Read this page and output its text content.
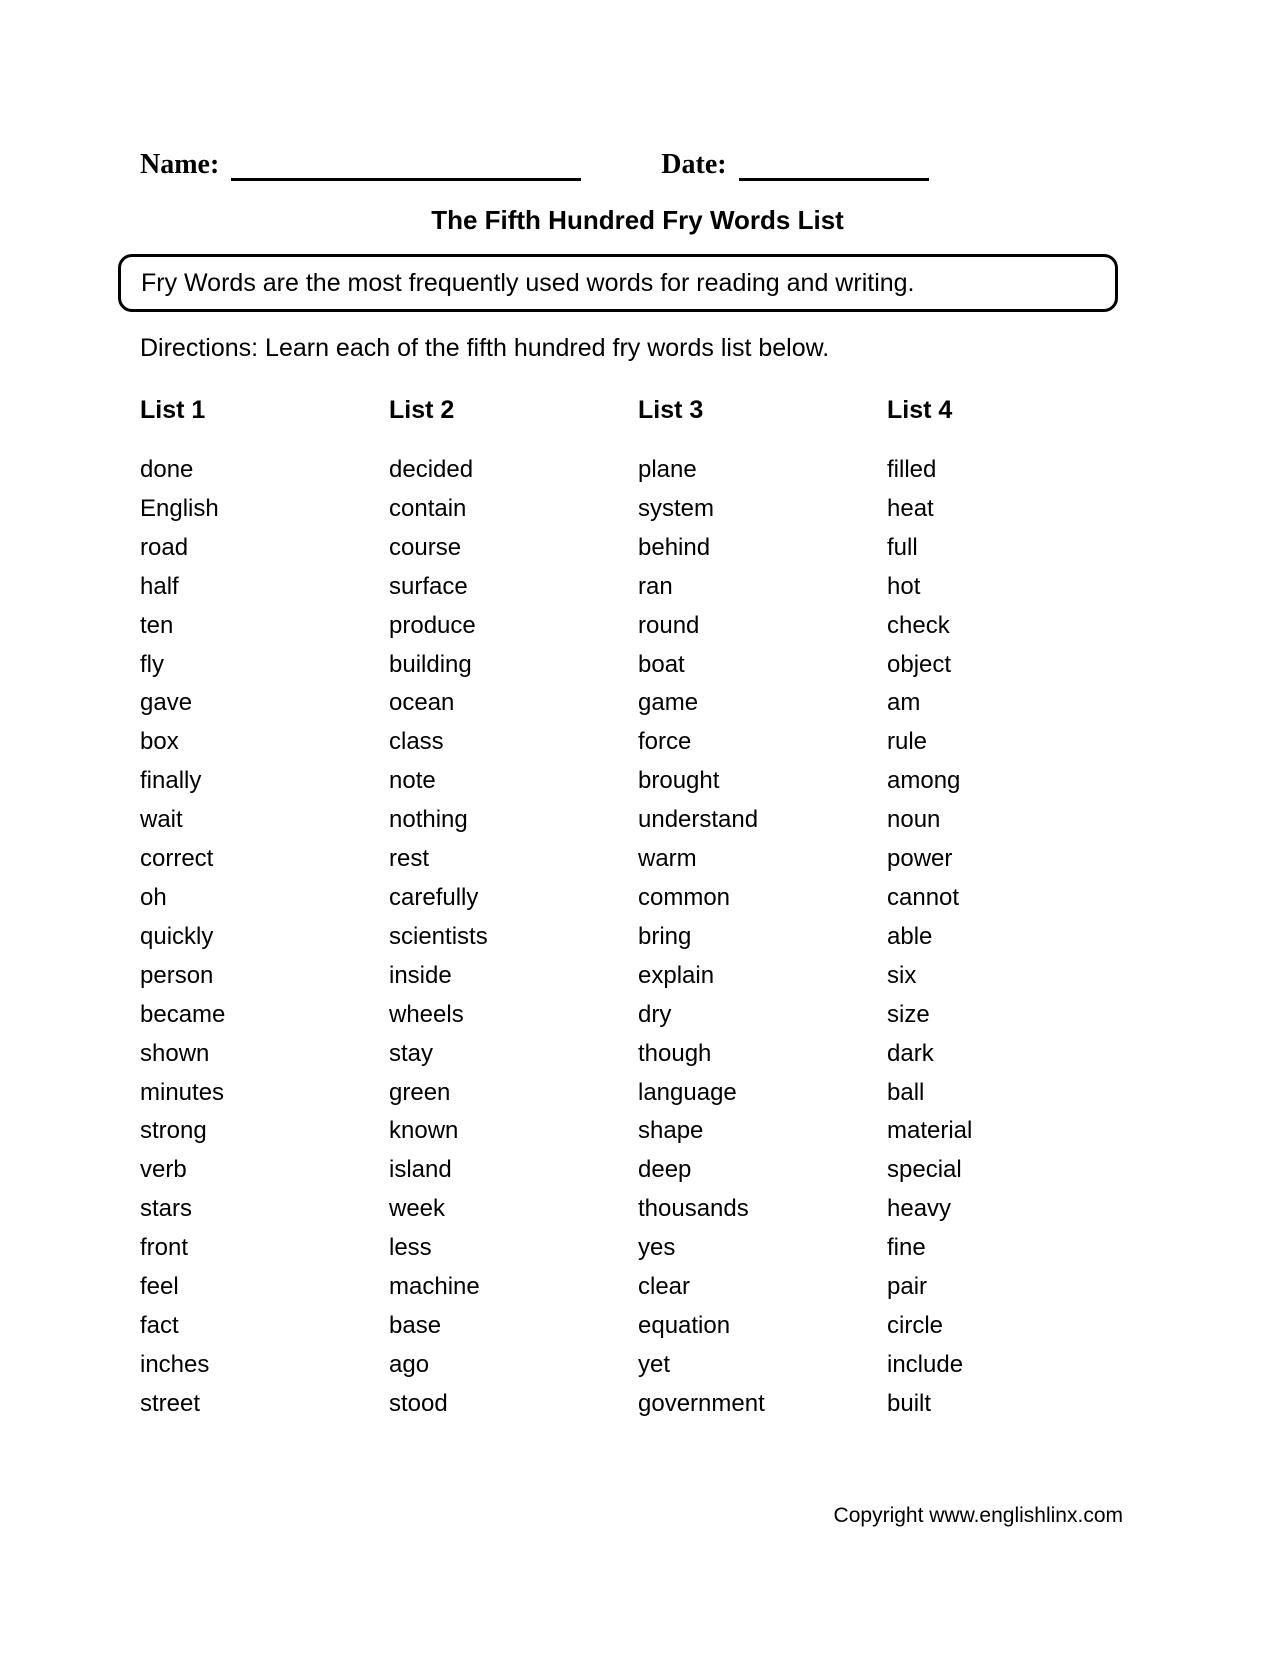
Name:	Date:
The Fifth Hundred Fry Words List
Fry Words are the most frequently used words for reading and writing.
Directions: Learn each of the fifth hundred fry words list below.
List 1
done
English
road
half
ten
fly
gave
box
finally
wait
correct
oh
quickly
person
became
shown
minutes
strong
verb
stars
front
feel
fact
inches
street
List 2
decided
contain
course
surface
produce
building
ocean
class
note
nothing
rest
carefully
scientists
inside
wheels
stay
green
known
island
week
less
machine
base
ago
stood
List 3
plane
system
behind
ran
round
boat
game
force
brought
understand
warm
common
bring
explain
dry
though
language
shape
deep
thousands
yes
clear
equation
yet
government
List 4
filled
heat
full
hot
check
object
am
rule
among
noun
power
cannot
able
six
size
dark
ball
material
special
heavy
fine
pair
circle
include
built
Copyright www.englishlinx.com
